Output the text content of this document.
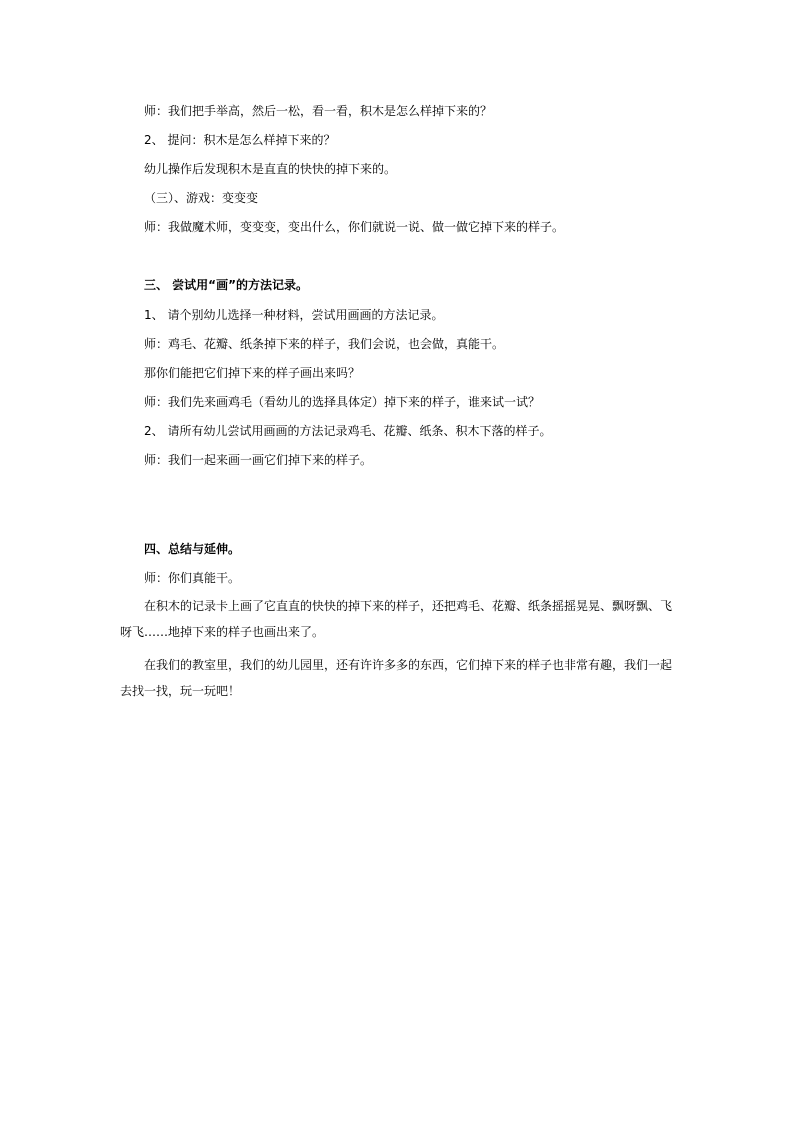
师：我们把手举高，然后一松，看一看，积木是怎么样掉下来的？
2、 提问：积木是怎么样掉下来的？
幼儿操作后发现积木是直直的快快的掉下来的。
（三）、游戏：变变变
师：我做魔术师，变变变，变出什么，你们就说一说、做一做它掉下来的样子。
三、 尝试用“画”的方法记录。
1、 请个别幼儿选择一种材料，尝试用画画的方法记录。
师：鸡毛、花瓣、纸条掉下来的样子，我们会说，也会做，真能干。
那你们能把它们掉下来的样子画出来吗？
师：我们先来画鸡毛（看幼儿的选择具体定）掉下来的样子，谁来试一试？
2、 请所有幼儿尝试用画画的方法记录鸡毛、花瓣、纸条、积木下落的样子。
师：我们一起来画一画它们掉下来的样子。
四、总结与延伸。
师：你们真能干。
在积木的记录卡上画了它直直的快快的掉下来的样子，还把鸡毛、花瓣、纸条摇摇晃晃、飘呀飘、飞呀飞……地掉下来的样子也画出来了。
在我们的教室里，我们的幼儿园里，还有许许多多的东西，它们掉下来的样子也非常有趣，我们一起去找一找，玩一玩吧！
